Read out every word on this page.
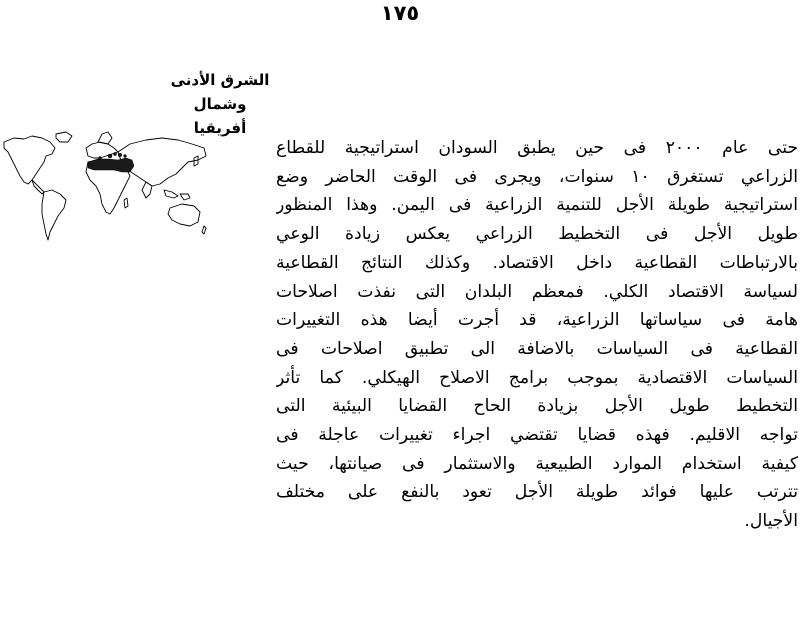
١٧٥
الشرق الأدنى وشمال
أفريقيا
حتى عام ٢٠٠٠ فى حين يطبق السودان استراتيجية للقطاع
الزراعي تستغرق ١٠ سنوات، ويجرى فى الوقت الحاضر وضع
استراتيجية طويلة الأجل للتنمية الزراعية فى اليمن. وهذا المنظور
طويل الأجل فى التخطيط الزراعي يعكس زيادة الوعي
بالارتباطات القطاعية داخل الاقتصاد. وكذلك النتائج القطاعية
لسياسة الاقتصاد الكلي. فمعظم البلدان التى نفذت اصلاحات
هامة فى سياساتها الزراعية، قد أجرت أيضا هذه التغييرات
القطاعية فى السياسات بالاضافة الى تطبيق اصلاحات فى
السياسات الاقتصادية بموجب برامج الاصلاح الهيكلي. كما تأثر
التخطيط طويل الأجل بزيادة الحاح القضايا البيئية التى
تواجه الاقليم. فهذه قضايا تقتضي اجراء تغييرات عاجلة فى
كيفية استخدام الموارد الطبيعية والاستثمار فى صيانتها، حيث
تترتب عليها فوائد طويلة الأجل تعود بالنفع على مختلف
الأجيال.
